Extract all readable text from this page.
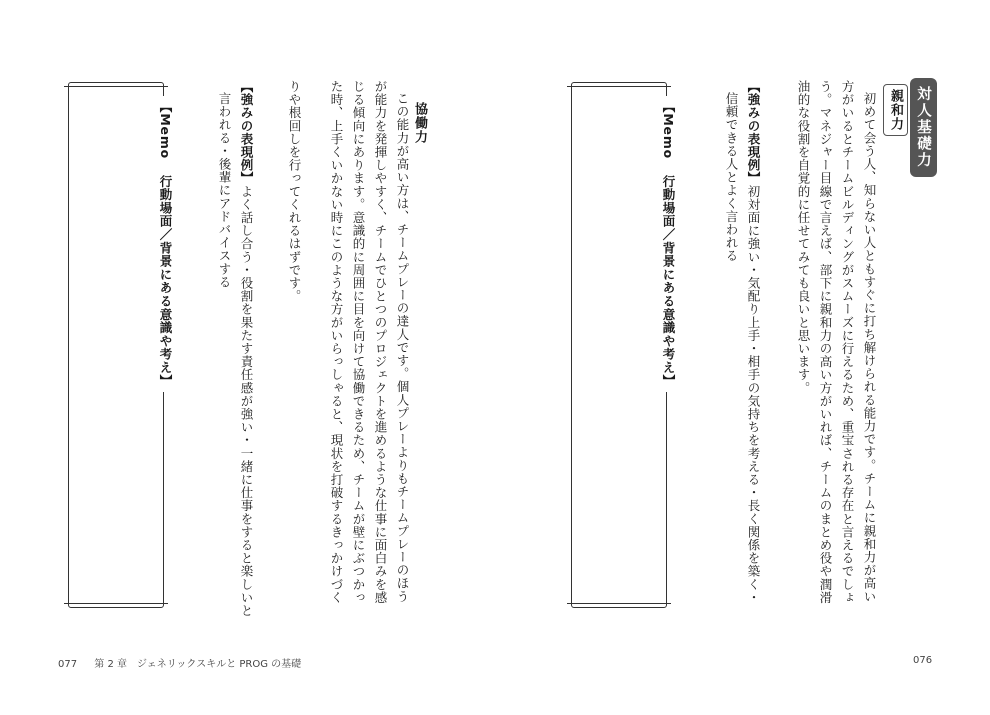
【Memo 行動場面／背景にある意識や考え】
協働力

この能力が高い方は、チームプレーの達人です。個人プレーよりもチームプレーのほう

が能力を発揮しやすく、チームでひとつのプロジェクトを進めるような仕事に面白みを感

じる傾向にあります。意識的に周囲に目を向けて協働できるため、チームが壁にぶつかっ

た時、上手くいかない時にこのような方がいらっしゃると、現状を打破するきっかけづく

りや根回しを行ってくれるはずです。

【強みの表現例】よく話し合う・役割を果たす責任感が強い・一緒に仕事をすると楽しいと

言われる・後輩にアドバイスする

077 第 2 章　ジェネリックスキルと PROG の基礎
【Memo 行動場面／背景にある意識や考え】
対人基礎力
親和力

初めて会う人、知らない人ともすぐに打ち解けられる能力です。チームに親和力が高い

方がいるとチームビルディングがスムーズに行えるため、重宝される存在と言えるでしょ

う。マネジャー目線で言えば、部下に親和力の高い方がいれば、チームのまとめ役や潤滑

油的な役割を自覚的に任せてみても良いと思います。

【強みの表現例】初対面に強い・気配り上手・相手の気持ちを考える・長く関係を築く・

信頼できる人とよく言われる

076
